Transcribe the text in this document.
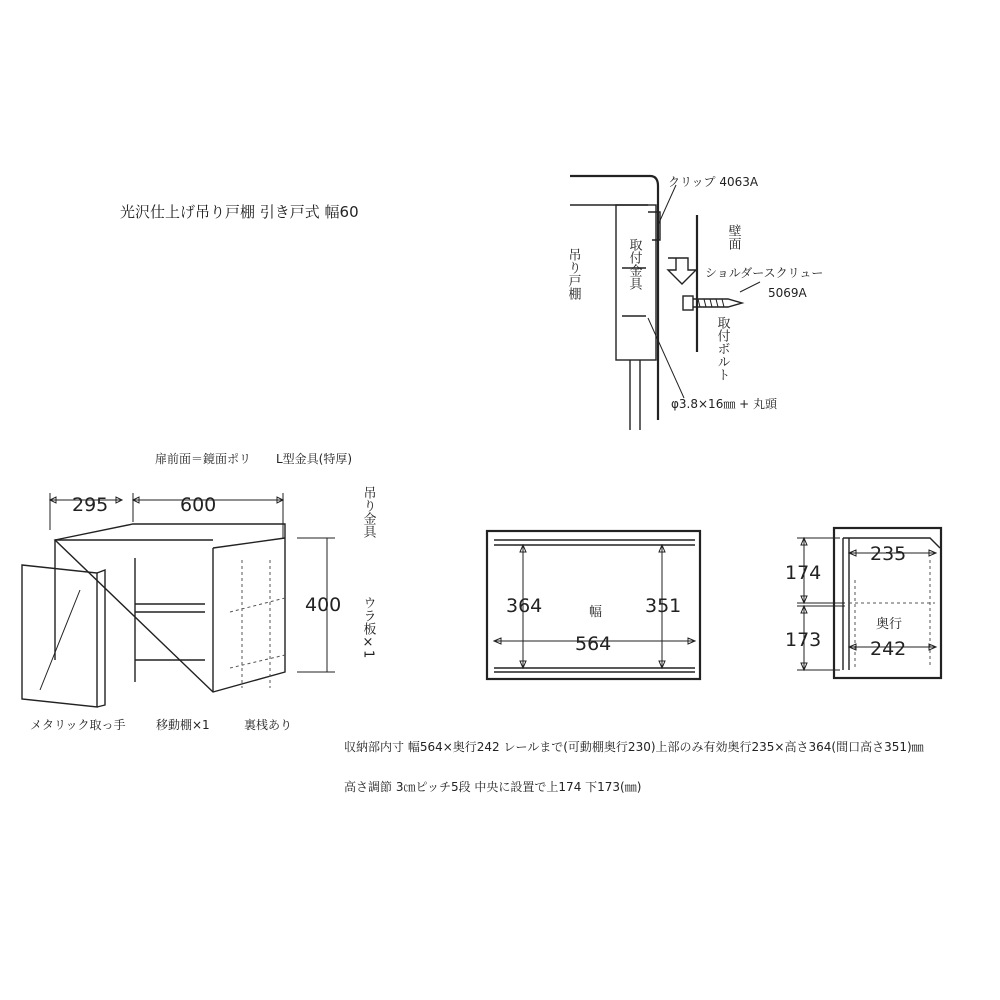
光沢仕上げ吊り戸棚 引き戸式 幅60
クリップ 4063A
ショルダースクリュー
5069A
φ3.8×16㎜ + 丸頭
壁面
吊り戸棚	取付金具
取付ボルト
扉前面＝鏡面ポリ L型金具(特厚)
295	600
400
吊り金具
ウラ板×1
メタリック取っ手	移動棚×1	裏桟あり
364	351
幅
564
235
242
奥行
174
173
収納部内寸 幅564×奥行242 レールまで(可動棚奥行230)上部のみ有効奥行235×高さ364(間口高さ351)㎜
高さ調節 3㎝ピッチ5段 中央に設置で上174 下173(㎜)
